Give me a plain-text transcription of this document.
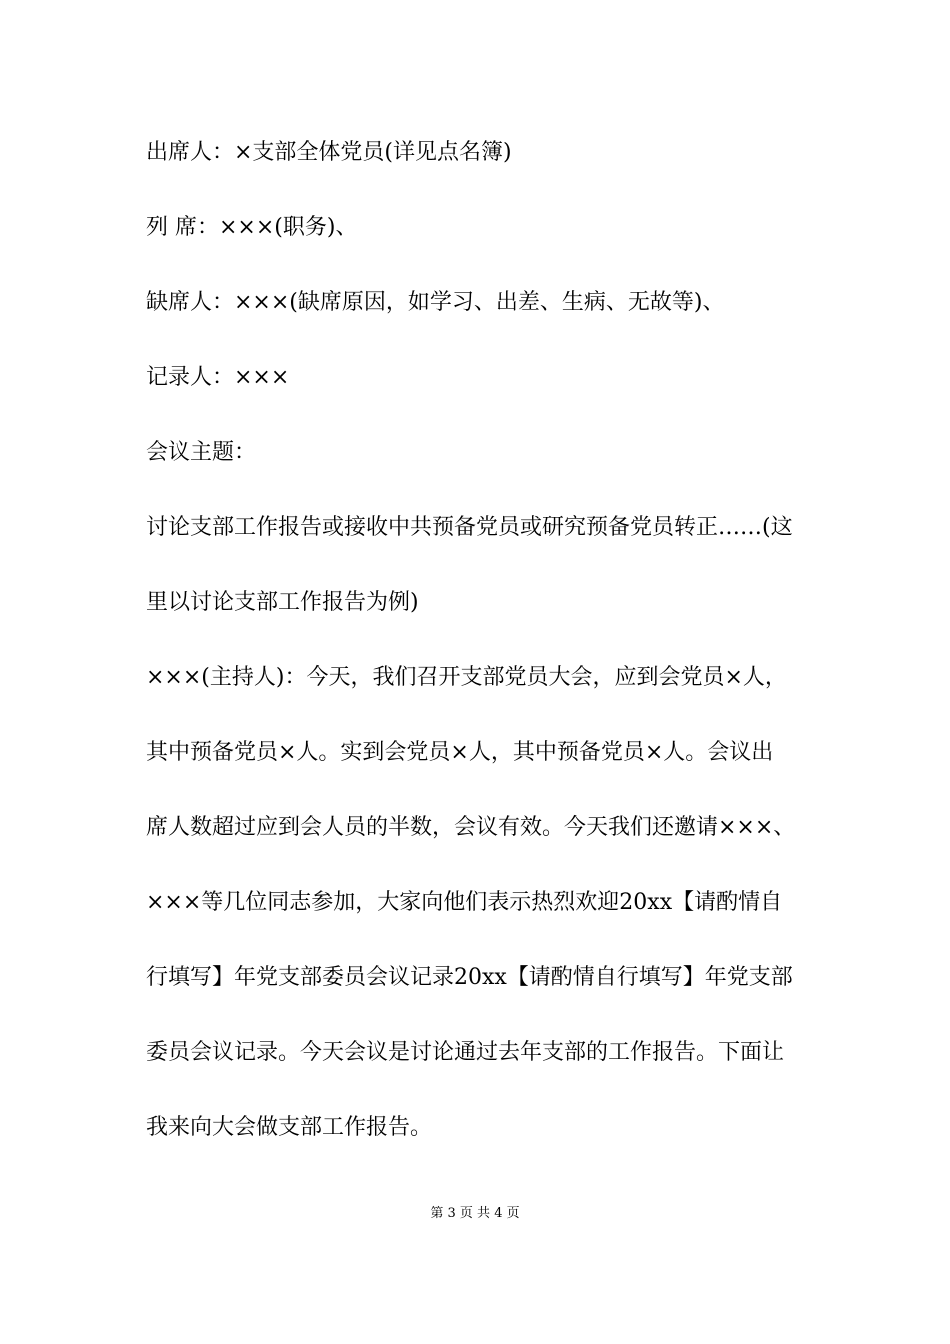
出席人：×支部全体党员(详见点名簿)
列 席：×××(职务)、
缺席人：×××(缺席原因，如学习、出差、生病、无故等)、
记录人：×××
会议主题：
讨论支部工作报告或接收中共预备党员或研究预备党员转正……(这
里以讨论支部工作报告为例)
×××(主持人)：今天，我们召开支部党员大会，应到会党员×人，
其中预备党员×人。实到会党员×人，其中预备党员×人。会议出
席人数超过应到会人员的半数，会议有效。今天我们还邀请×××、
×××等几位同志参加，大家向他们表示热烈欢迎20xx【请酌情自
行填写】年党支部委员会议记录20xx【请酌情自行填写】年党支部
委员会议记录。今天会议是讨论通过去年支部的工作报告。下面让
我来向大会做支部工作报告。
第 3 页 共 4 页
